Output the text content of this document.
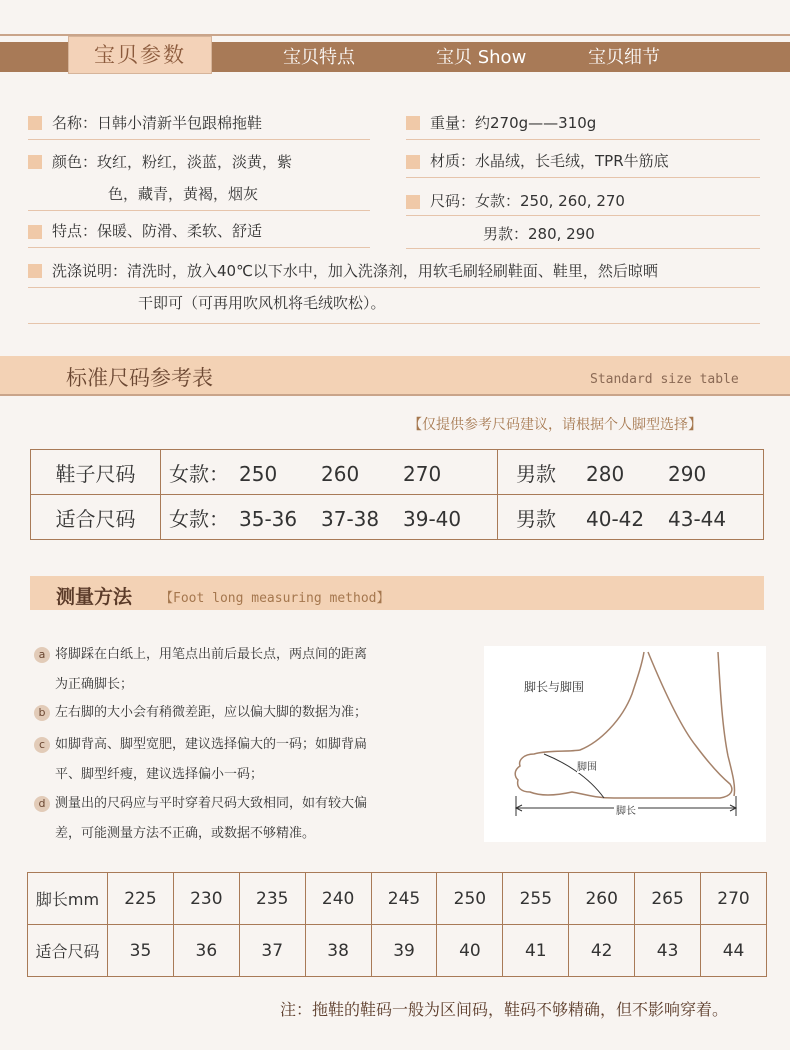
宝贝参数	宝贝特点	宝贝 Show	宝贝细节
名称：日韩小清新半包跟棉拖鞋
颜色：玫红，粉红，淡蓝，淡黄，紫
色，藏青，黄褐，烟灰
特点：保暖、防滑、柔软、舒适
重量：约270g——310g
材质：水晶绒，长毛绒，TPR牛筋底
尺码：女款：250, 260, 270
男款：280, 290
洗涤说明：清洗时，放入40℃以下水中，加入洗涤剂，用软毛刷轻刷鞋面、鞋里，然后晾晒
干即可（可再用吹风机将毛绒吹松）。
标准尺码参考表	Standard size table
【仅提供参考尺码建议，请根据个人脚型选择】
鞋子尺码	女款： 250 260 270	男款 280 290
适合尺码	女款： 35-36 37-38 39-40	男款 40-42 43-44
测量方法 【Foot long measuring method】
a 将脚踩在白纸上，用笔点出前后最长点，两点间的距离
为正确脚长；
b 左右脚的大小会有稍微差距，应以偏大脚的数据为准；
c 如脚背高、脚型宽肥，建议选择偏大的一码；如脚背扁
平、脚型纤瘦，建议选择偏小一码；
d 测量出的尺码应与平时穿着尺码大致相同，如有较大偏
差，可能测量方法不正确，或数据不够精准。
脚长与脚围
脚围
脚长
脚长mm	225	230	235	240	245	250	255	260	265	270
适合尺码	35	36	37	38	39	40	41	42	43	44
注：拖鞋的鞋码一般为区间码，鞋码不够精确，但不影响穿着。
